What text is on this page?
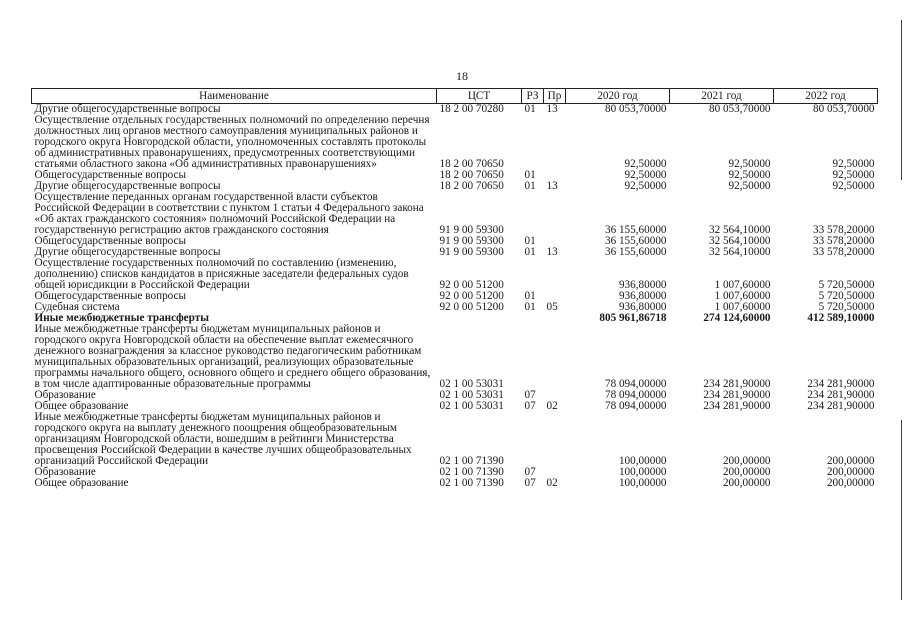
18
Наименование	ЦСТ	РЗ	Пр	2020 год	2021 год	2022 год
Другие общегосударственные вопросы	18 2 00 70280	01	13	80 053,70000	80 053,70000	80 053,70000
Осуществление отдельных государственных полномочий по определению перечня должностных лиц органов местного самоуправления муниципальных районов и городского округа Новгородской области, уполномоченных составлять протоколы об административных правонарушениях, предусмотренных соответствующими статьями областного закона «Об административных правонарушениях»	18 2 00 70650			92,50000	92,50000	92,50000
Общегосударственные вопросы	18 2 00 70650	01		92,50000	92,50000	92,50000
Другие общегосударственные вопросы	18 2 00 70650	01	13	92,50000	92,50000	92,50000
Осуществление переданных органам государственной власти субъектов Российской Федерации в соответствии с пунктом 1 статьи 4 Федерального закона «Об актах гражданского состояния» полномочий Российской Федерации на государственную регистрацию актов гражданского состояния	91 9 00 59300			36 155,60000	32 564,10000	33 578,20000
Общегосударственные вопросы	91 9 00 59300	01		36 155,60000	32 564,10000	33 578,20000
Другие общегосударственные вопросы	91 9 00 59300	01	13	36 155,60000	32 564,10000	33 578,20000
Осуществление государственных полномочий по составлению (изменению, дополнению) списков кандидатов в присяжные заседатели федеральных судов общей юрисдикции в Российской Федерации	92 0 00 51200			936,80000	1 007,60000	5 720,50000
Общегосударственные вопросы	92 0 00 51200	01		936,80000	1 007,60000	5 720,50000
Судебная система	92 0 00 51200	01	05	936,80000	1 007,60000	5 720,50000
Иные межбюджетные трансферты				805 961,86718	274 124,60000	412 589,10000
Иные межбюджетные трансферты бюджетам муниципальных районов и городского округа Новгородской области на обеспечение выплат ежемесячного денежного вознаграждения за классное руководство педагогическим работникам муниципальных образовательных организаций, реализующих образовательные программы начального общего, основного общего и среднего общего образования, в том числе адаптированные образовательные программы	02 1 00 53031			78 094,00000	234 281,90000	234 281,90000
Образование	02 1 00 53031	07		78 094,00000	234 281,90000	234 281,90000
Общее образование	02 1 00 53031	07	02	78 094,00000	234 281,90000	234 281,90000
Иные межбюджетные трансферты бюджетам муниципальных районов и городского округа на выплату денежного поощрения общеобразовательным организациям Новгородской области, вошедшим в рейтинги Министерства просвещения Российской Федерации в качестве лучших общеобразовательных организаций Российской Федерации	02 1 00 71390			100,00000	200,00000	200,00000
Образование	02 1 00 71390	07		100,00000	200,00000	200,00000
Общее образование	02 1 00 71390	07	02	100,00000	200,00000	200,00000
